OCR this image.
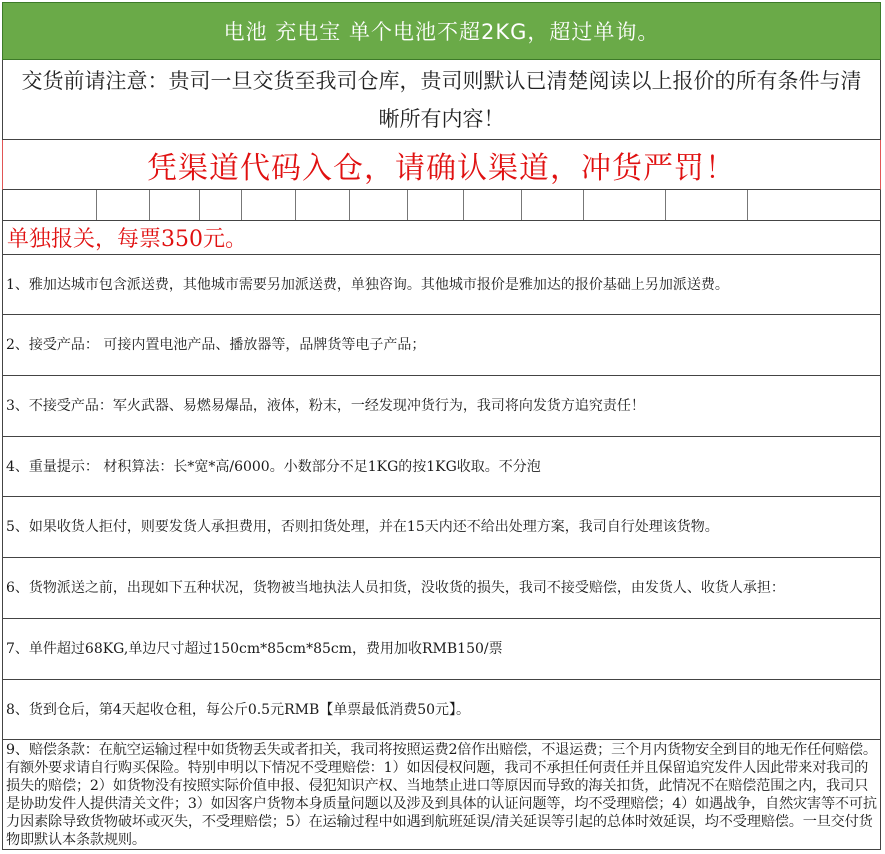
电池 充电宝 单个电池不超2KG，超过单询。
交货前请注意：贵司一旦交货至我司仓库，贵司则默认已清楚阅读以上报价的所有条件与清晰所有内容！
凭渠道代码入仓，请确认渠道，冲货严罚！
单独报关，每票350元。
1、雅加达城市包含派送费，其他城市需要另加派送费，单独咨询。其他城市报价是雅加达的报价基础上另加派送费。
2、接受产品： 可接内置电池产品、播放器等，品牌货等电子产品；
3、不接受产品：军火武器、易燃易爆品，液体，粉末，一经发现冲货行为，我司将向发货方追究责任！
4、重量提示： 材积算法：长*宽*高/6000。小数部分不足1KG的按1KG收取。不分泡
5、如果收货人拒付，则要发货人承担费用，否则扣货处理，并在15天内还不给出处理方案，我司自行处理该货物。
6、货物派送之前，出现如下五种状况，货物被当地执法人员扣货，没收货的损失，我司不接受赔偿，由发货人、收货人承担：
7、单件超过68KG,单边尺寸超过150cm*85cm*85cm，费用加收RMB150/票
8、货到仓后，第4天起收仓租，每公斤0.5元RMB【单票最低消费50元】。
9、赔偿条款：在航空运输过程中如货物丢失或者扣关，我司将按照运费2倍作出赔偿，不退运费；三个月内货物安全到目的地无作任何赔偿。有额外要求请自行购买保险。特别申明以下情况不受理赔偿：1）如因侵权问题，我司不承担任何责任并且保留追究发件人因此带来对我司的损失的赔偿；2）如货物没有按照实际价值申报、侵犯知识产权、当地禁止进口等原因而导致的海关扣货，此情况不在赔偿范围之内，我司只是协助发件人提供清关文件；3）如因客户货物本身质量问题以及涉及到具体的认证问题等，均不受理赔偿；4）如遇战争，自然灾害等不可抗力因素除导致货物破坏或灭失，不受理赔偿；5）在运输过程中如遇到航班延误/清关延误等引起的总体时效延误，均不受理赔偿。一旦交付货物即默认本条款规则。
